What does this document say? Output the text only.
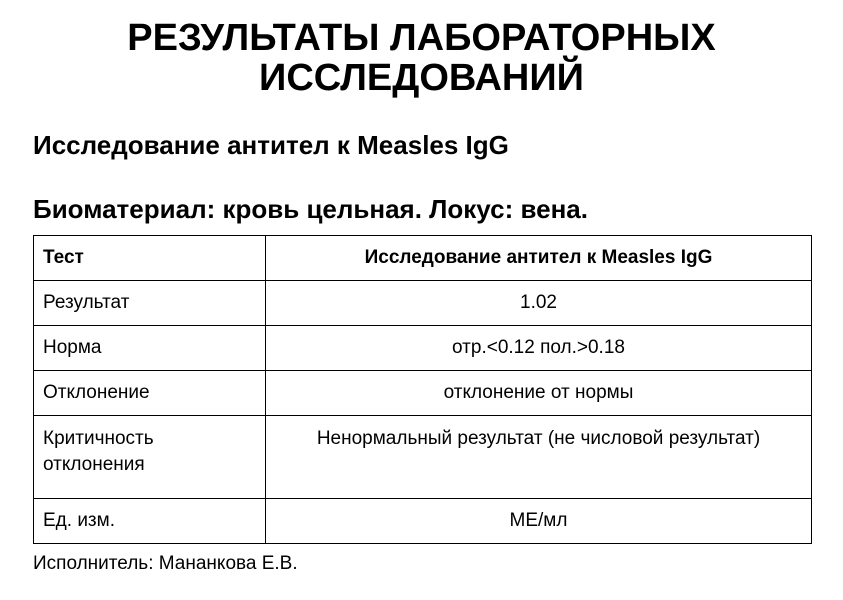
РЕЗУЛЬТАТЫ ЛАБОРАТОРНЫХ
ИССЛЕДОВАНИЙ
Исследование антител к Measles IgG
Биоматериал: кровь цельная. Локус: вена.
Тест	Исследование антител к Measles IgG
Результат	1.02
Норма	отр.<0.12 пол.>0.18
Отклонение	отклонение от нормы
Критичность отклонения	Ненормальный результат (не числовой результат)
Ед. изм.	МЕ/мл
Исполнитель: Мананкова Е.В.
